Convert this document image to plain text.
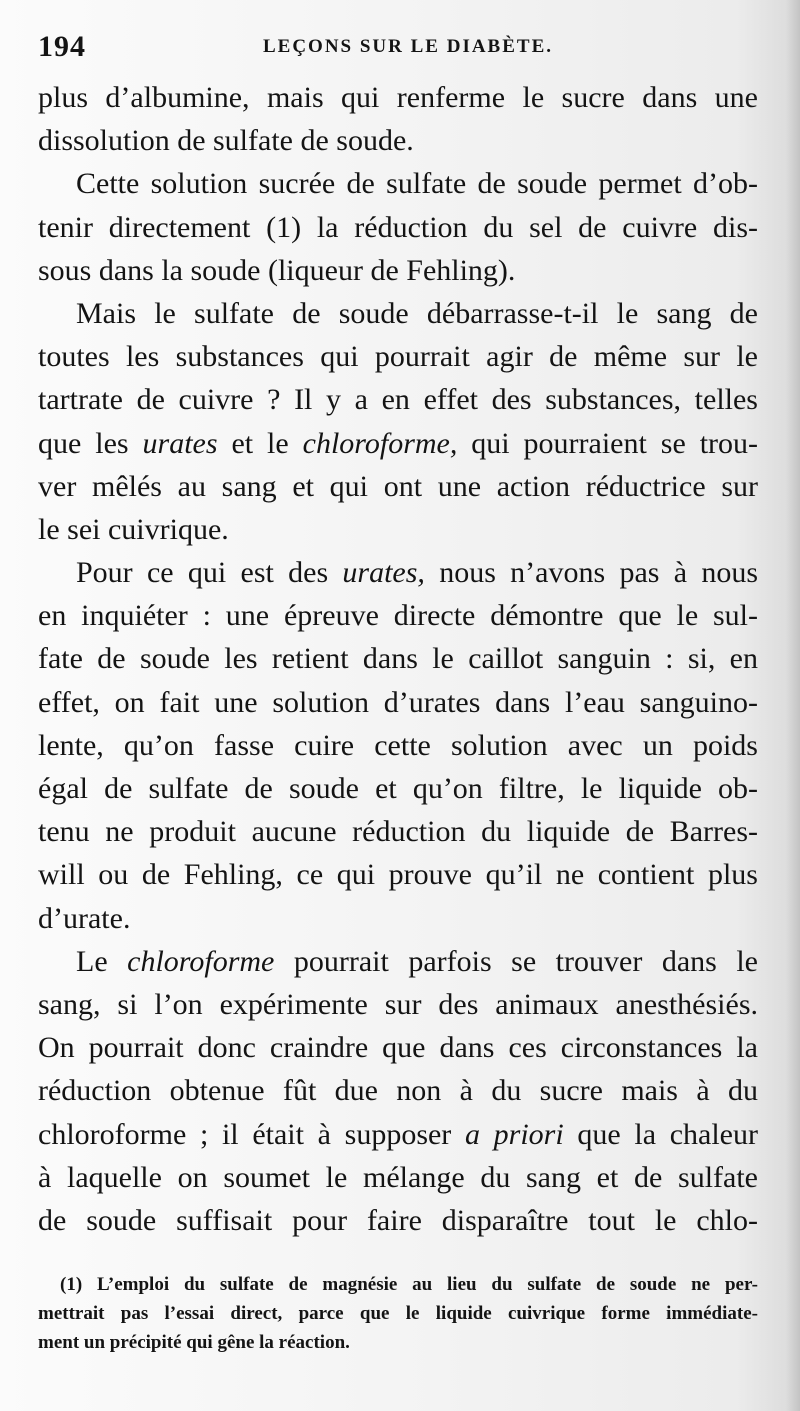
194	LEÇONS SUR LE DIABÈTE.
plus d’albumine, mais qui renferme le sucre dans une
dissolution de sulfate de soude.
Cette solution sucrée de sulfate de soude permet d’ob-
tenir directement (1) la réduction du sel de cuivre dis-
sous dans la soude (liqueur de Fehling).
Mais le sulfate de soude débarrasse-t-il le sang de
toutes les substances qui pourrait agir de même sur le
tartrate de cuivre ? Il y a en effet des substances, telles
que les urates et le chloroforme, qui pourraient se trou-
ver mêlés au sang et qui ont une action réductrice sur
le sei cuivrique.
Pour ce qui est des urates, nous n’avons pas à nous
en inquiéter : une épreuve directe démontre que le sul-
fate de soude les retient dans le caillot sanguin : si, en
effet, on fait une solution d’urates dans l’eau sanguino-
lente, qu’on fasse cuire cette solution avec un poids
égal de sulfate de soude et qu’on filtre, le liquide ob-
tenu ne produit aucune réduction du liquide de Barres-
will ou de Fehling, ce qui prouve qu’il ne contient plus
d’urate.
Le chloroforme pourrait parfois se trouver dans le
sang, si l’on expérimente sur des animaux anesthésiés.
On pourrait donc craindre que dans ces circonstances la
réduction obtenue fût due non à du sucre mais à du
chloroforme ; il était à supposer a priori que la chaleur
à laquelle on soumet le mélange du sang et de sulfate
de soude suffisait pour faire disparaître tout le chlo-
(1) L’emploi du sulfate de magnésie au lieu du sulfate de soude ne per-
mettrait pas l’essai direct, parce que le liquide cuivrique forme immédiate-
ment un précipité qui gêne la réaction.
